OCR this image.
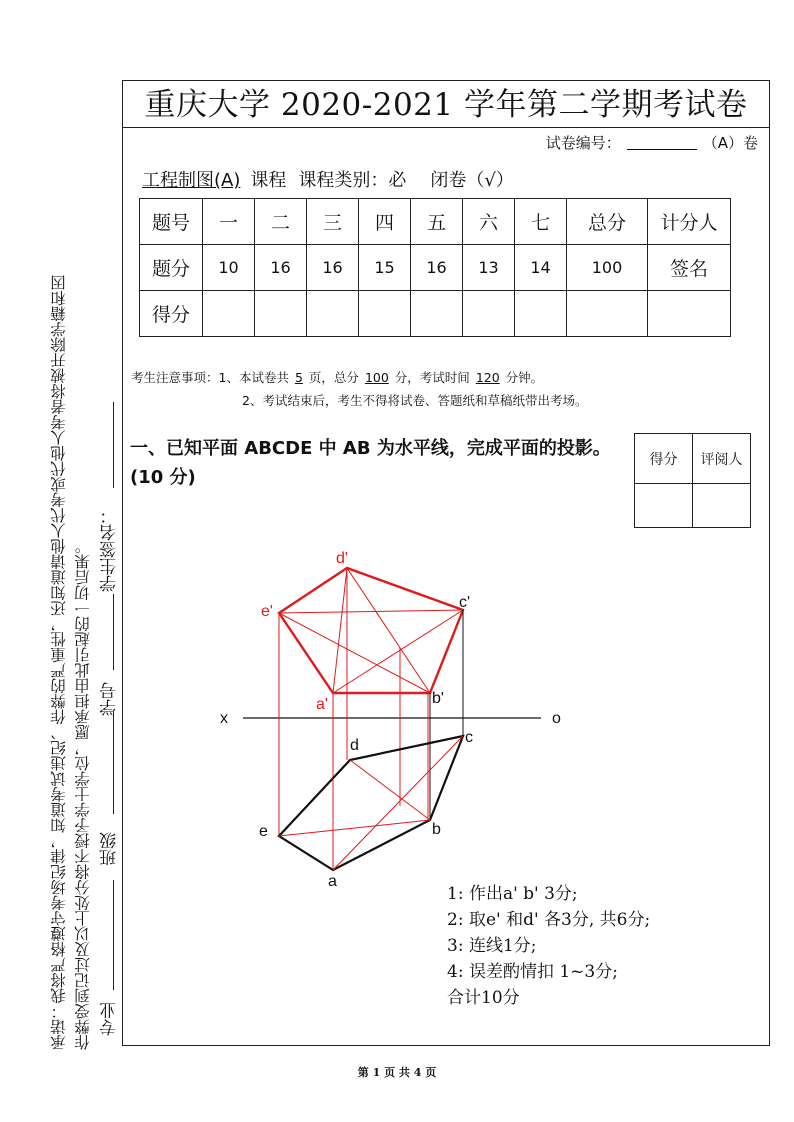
重庆大学 2020-2021 学年第二学期考试卷
试卷编号：	（A）卷
工程制图(A) 课程 课程类别：必 闭卷（√）
题号	一	二	三	四	五	六	七	总分	计分人
题分	10	16	16	15	16	13	14	100	签名
得分									
考生注意事项：1、本试卷共 5 页，总分 100 分，考试时间 120 分钟。
2、考试结束后，考生不得将试卷、答题纸和草稿纸带出考场。
一、已知平面 ABCDE 中 AB 为水平线，完成平面的投影。(10 分)
得分	评阅人

d'
e'
c'
a'	b'
x	o
d	c
e	b
a
1: 作出a' b' 3分;
2: 取e' 和d' 各3分, 共6分;
3: 连线1分;
4: 误差酌情扣 1~3分;
合计10分
承诺：我将严格遵守考场纪律，知道考试违纪、作弊的严重性，还知道请他人代考或代他人考者将被开除学籍和因 作弊受到记过及以上处分将不授予学士学位，愿承担由此引起的一切后果。 专业
班级
学号
学生签名：
第 1 页 共 4 页
